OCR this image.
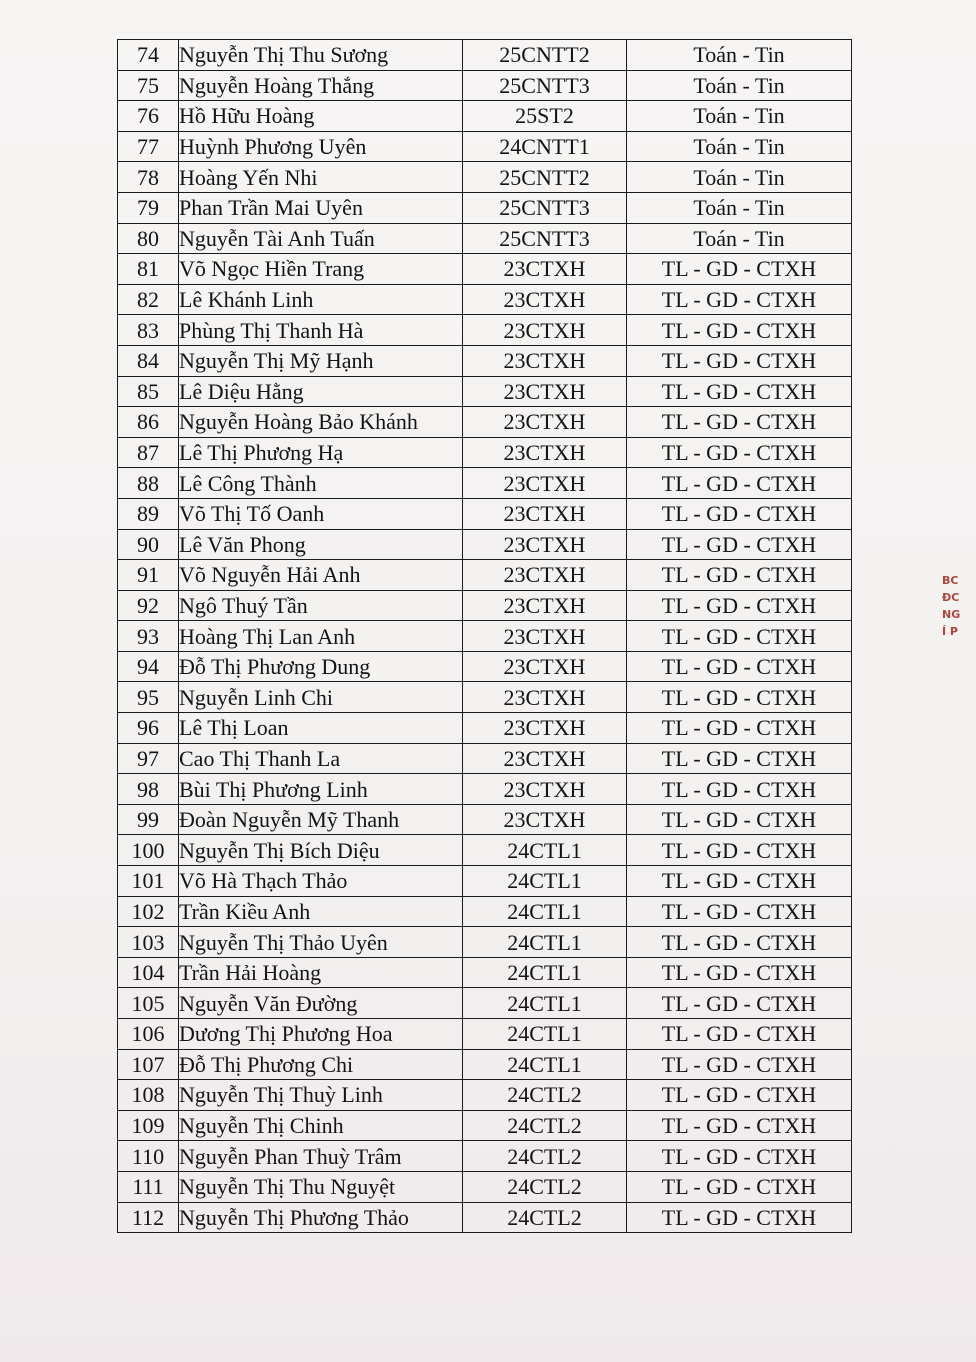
74	Nguyễn Thị Thu Sương	25CNTT2	Toán - Tin
75	Nguyễn Hoàng Thắng	25CNTT3	Toán - Tin
76	Hồ Hữu Hoàng	25ST2	Toán - Tin
77	Huỳnh Phương Uyên	24CNTT1	Toán - Tin
78	Hoàng Yến Nhi	25CNTT2	Toán - Tin
79	Phan Trần Mai Uyên	25CNTT3	Toán - Tin
80	Nguyễn Tài Anh Tuấn	25CNTT3	Toán - Tin
81	Võ Ngọc Hiền Trang	23CTXH	TL - GD - CTXH
82	Lê Khánh Linh	23CTXH	TL - GD - CTXH
83	Phùng Thị Thanh Hà	23CTXH	TL - GD - CTXH
84	Nguyễn Thị Mỹ Hạnh	23CTXH	TL - GD - CTXH
85	Lê Diệu Hằng	23CTXH	TL - GD - CTXH
86	Nguyễn Hoàng Bảo Khánh	23CTXH	TL - GD - CTXH
87	Lê Thị Phương Hạ	23CTXH	TL - GD - CTXH
88	Lê Công Thành	23CTXH	TL - GD - CTXH
89	Võ Thị Tố Oanh	23CTXH	TL - GD - CTXH
90	Lê Văn Phong	23CTXH	TL - GD - CTXH
91	Võ Nguyễn Hải Anh	23CTXH	TL - GD - CTXH
92	Ngô Thuý Tần	23CTXH	TL - GD - CTXH
93	Hoàng Thị Lan Anh	23CTXH	TL - GD - CTXH
94	Đỗ Thị Phương Dung	23CTXH	TL - GD - CTXH
95	Nguyễn Linh Chi	23CTXH	TL - GD - CTXH
96	Lê Thị Loan	23CTXH	TL - GD - CTXH
97	Cao Thị Thanh La	23CTXH	TL - GD - CTXH
98	Bùi Thị Phương Linh	23CTXH	TL - GD - CTXH
99	Đoàn Nguyễn Mỹ Thanh	23CTXH	TL - GD - CTXH
100	Nguyễn Thị Bích Diệu	24CTL1	TL - GD - CTXH
101	Võ Hà Thạch Thảo	24CTL1	TL - GD - CTXH
102	Trần Kiều Anh	24CTL1	TL - GD - CTXH
103	Nguyễn Thị Thảo Uyên	24CTL1	TL - GD - CTXH
104	Trần Hải Hoàng	24CTL1	TL - GD - CTXH
105	Nguyễn Văn Đường	24CTL1	TL - GD - CTXH
106	Dương Thị Phương Hoa	24CTL1	TL - GD - CTXH
107	Đỗ Thị Phương Chi	24CTL1	TL - GD - CTXH
108	Nguyễn Thị Thuỳ Linh	24CTL2	TL - GD - CTXH
109	Nguyễn Thị Chinh	24CTL2	TL - GD - CTXH
110	Nguyễn Phan Thuỳ Trâm	24CTL2	TL - GD - CTXH
111	Nguyễn Thị Thu Nguyệt	24CTL2	TL - GD - CTXH
112	Nguyễn Thị Phương Thảo	24CTL2	TL - GD - CTXH
BC
ĐC
NG
Í P
